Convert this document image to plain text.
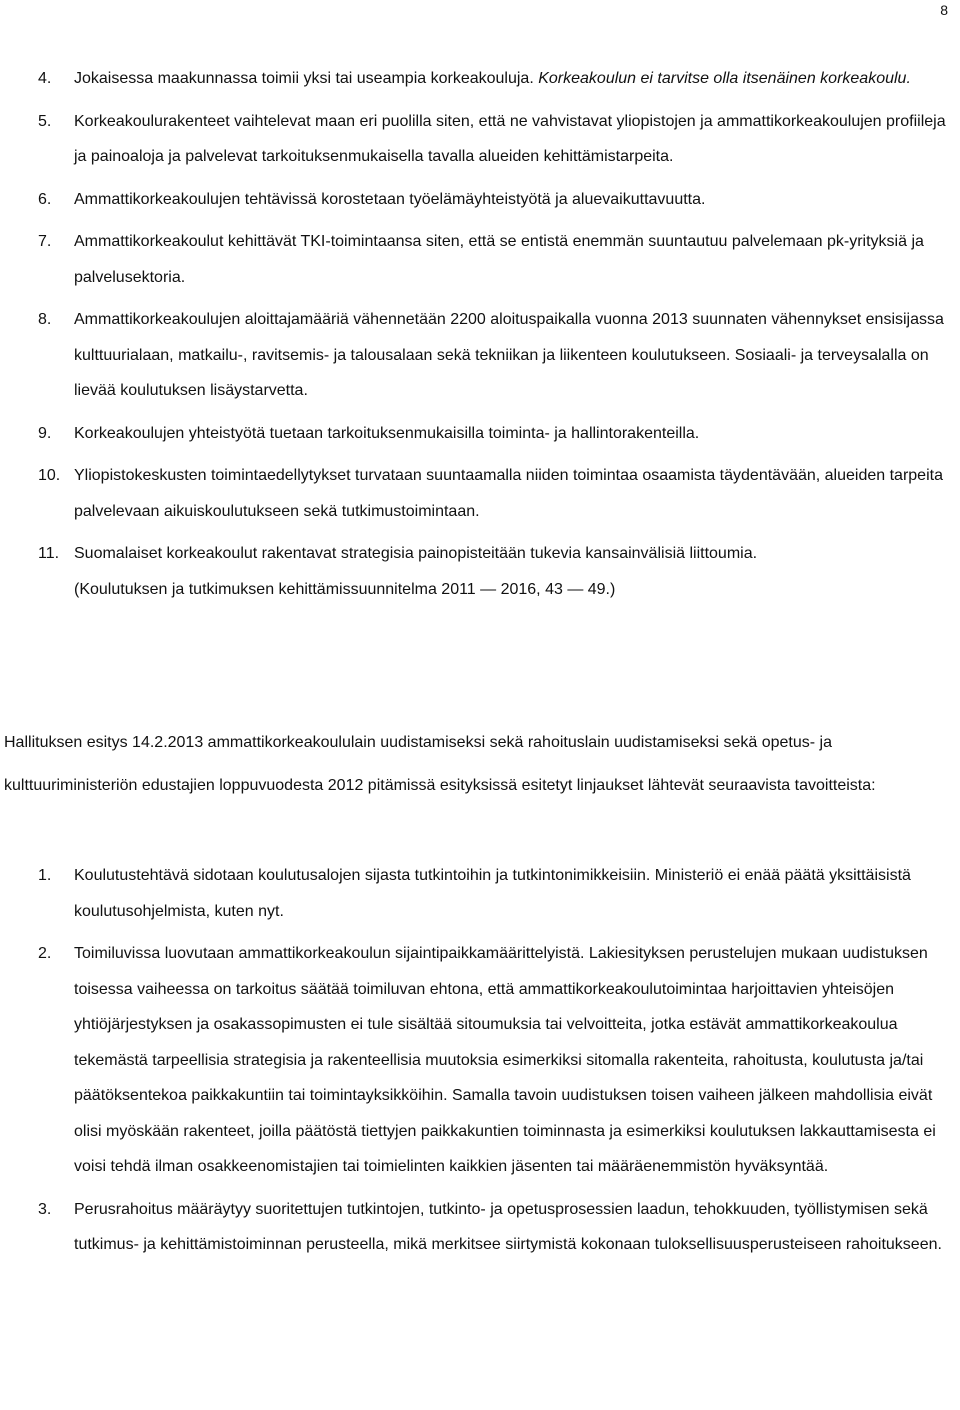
8
4. Jokaisessa maakunnassa toimii yksi tai useampia korkeakouluja. Korkeakoulun ei tarvitse olla itsenäinen korkeakoulu.
5. Korkeakoulurakenteet vaihtelevat maan eri puolilla siten, että ne vahvistavat yliopistojen ja ammattikorkeakoulujen profiileja ja painoaloja ja palvelevat tarkoituksenmukaisella tavalla alueiden kehittämistarpeita.
6. Ammattikorkeakoulujen tehtävissä korostetaan työelämäyhteistyötä ja aluevaikuttavuutta.
7. Ammattikorkeakoulut kehittävät TKI-toimintaansa siten, että se entistä enemmän suuntautuu palvelemaan pk-yrityksiä ja palvelusektoria.
8. Ammattikorkeakoulujen aloittajamääriä vähennetään 2200 aloituspaikalla vuonna 2013 suunnaten vähennykset ensisijassa kulttuurialaan, matkailu-, ravitsemis- ja talousalaan sekä tekniikan ja liikenteen koulutukseen. Sosiaali- ja terveysalalla on lievää koulutuksen lisäystarvetta.
9. Korkeakoulujen yhteistyötä tuetaan tarkoituksenmukaisilla toiminta- ja hallintorakenteilla.
10. Yliopistokeskusten toimintaedellytykset turvataan suuntaamalla niiden toimintaa osaamista täydentävään, alueiden tarpeita palvelevaan aikuiskoulutukseen sekä tutkimustoimintaan.
11. Suomalaiset korkeakoulut rakentavat strategisia painopisteitään tukevia kansainvälisiä liittoumia.
(Koulutuksen ja tutkimuksen kehittämissuunnitelma 2011 — 2016, 43 — 49.)

Hallituksen esitys 14.2.2013 ammattikorkeakoululain uudistamiseksi sekä rahoituslain uudistamiseksi sekä opetus- ja kulttuuriministeriön edustajien loppuvuodesta 2012 pitämissä esityksissä esitetyt linjaukset lähtevät seuraavista tavoitteista:

1. Koulutustehtävä sidotaan koulutusalojen sijasta tutkintoihin ja tutkintonimikkeisiin. Ministeriö ei enää päätä yksittäisistä koulutusohjelmista, kuten nyt.
2. Toimiluvissa luovutaan ammattikorkeakoulun sijaintipaikkamäärittelyistä. Lakiesityksen perustelujen mukaan uudistuksen toisessa vaiheessa on tarkoitus säätää toimiluvan ehtona, että ammattikorkeakoulutoimintaa harjoittavien yhteisöjen yhtiöjärjestyksen ja osakassopimusten ei tule sisältää sitoumuksia tai velvoitteita, jotka estävät ammattikorkeakoulua tekemästä tarpeellisia strategisia ja rakenteellisia muutoksia esimerkiksi sitomalla rakenteita, rahoitusta, koulutusta ja/tai päätöksentekoa paikkakuntiin tai toimintayksikköihin. Samalla tavoin uudistuksen toisen vaiheen jälkeen mahdollisia eivät olisi myöskään rakenteet, joilla päätöstä tiettyjen paikkakuntien toiminnasta ja esimerkiksi koulutuksen lakkauttamisesta ei voisi tehdä ilman osakkeenomistajien tai toimielinten kaikkien jäsenten tai määräenemmistön hyväksyntää.
3. Perusrahoitus määräytyy suoritettujen tutkintojen, tutkinto- ja opetusprosessien laadun, tehokkuuden, työllistymisen sekä tutkimus- ja kehittämistoiminnan perusteella, mikä merkitsee siirtymistä kokonaan tuloksellisuusperusteiseen rahoitukseen.
